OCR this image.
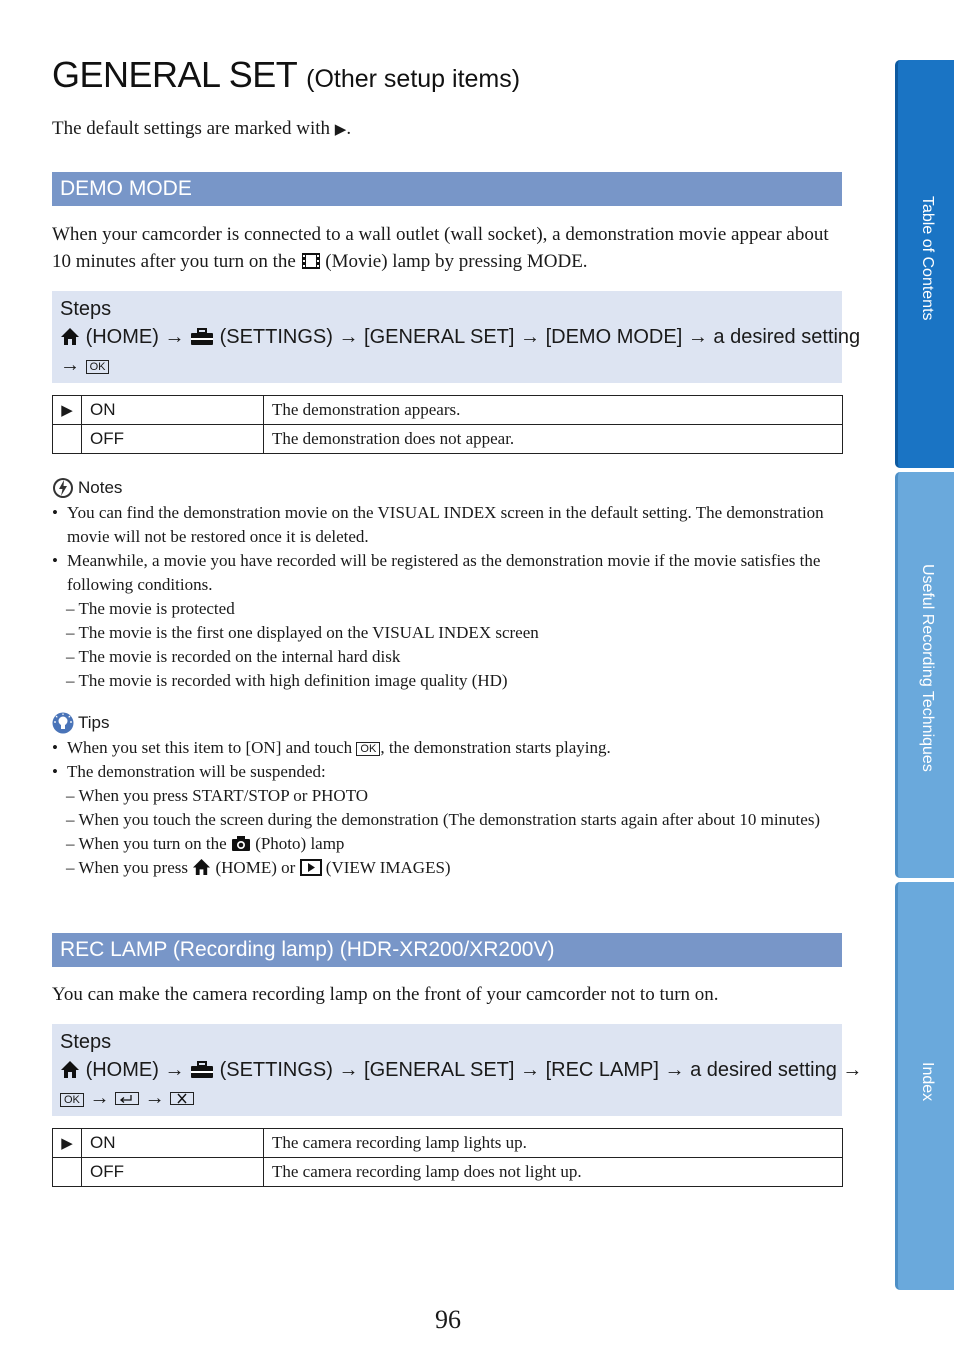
GENERAL SET (Other setup items)
The default settings are marked with ▶.
DEMO MODE
When your camcorder is connected to a wall outlet (wall socket), a demonstration movie appear about 10 minutes after you turn on the (Movie) lamp by pressing MODE.
Steps
(HOME) → (SETTINGS) → [GENERAL SET] → [DEMO MODE] → a desired setting
→ OK
▶	ON	The demonstration appears.
	OFF	The demonstration does not appear.
Notes
• You can find the demonstration movie on the VISUAL INDEX screen in the default setting. The demonstration movie will not be restored once it is deleted.
• Meanwhile, a movie you have recorded will be registered as the demonstration movie if the movie satisfies the following conditions.
– The movie is protected
– The movie is the first one displayed on the VISUAL INDEX screen
– The movie is recorded on the internal hard disk
– The movie is recorded with high definition image quality (HD)
Tips
• When you set this item to [ON] and touch OK , the demonstration starts playing.
• The demonstration will be suspended:
– When you press START/STOP or PHOTO
– When you touch the screen during the demonstration (The demonstration starts again after about 10 minutes)
– When you turn on the (Photo) lamp
– When you press (HOME) or (VIEW IMAGES)
REC LAMP (Recording lamp) (HDR-XR200/XR200V)
You can make the camera recording lamp on the front of your camcorder not to turn on.
Steps
(HOME) → (SETTINGS) → [GENERAL SET] → [REC LAMP] → a desired setting →
OK → →
▶	ON	The camera recording lamp lights up.
	OFF	The camera recording lamp does not light up.
Table of Contents
Useful Recording Techniques
Index
96
